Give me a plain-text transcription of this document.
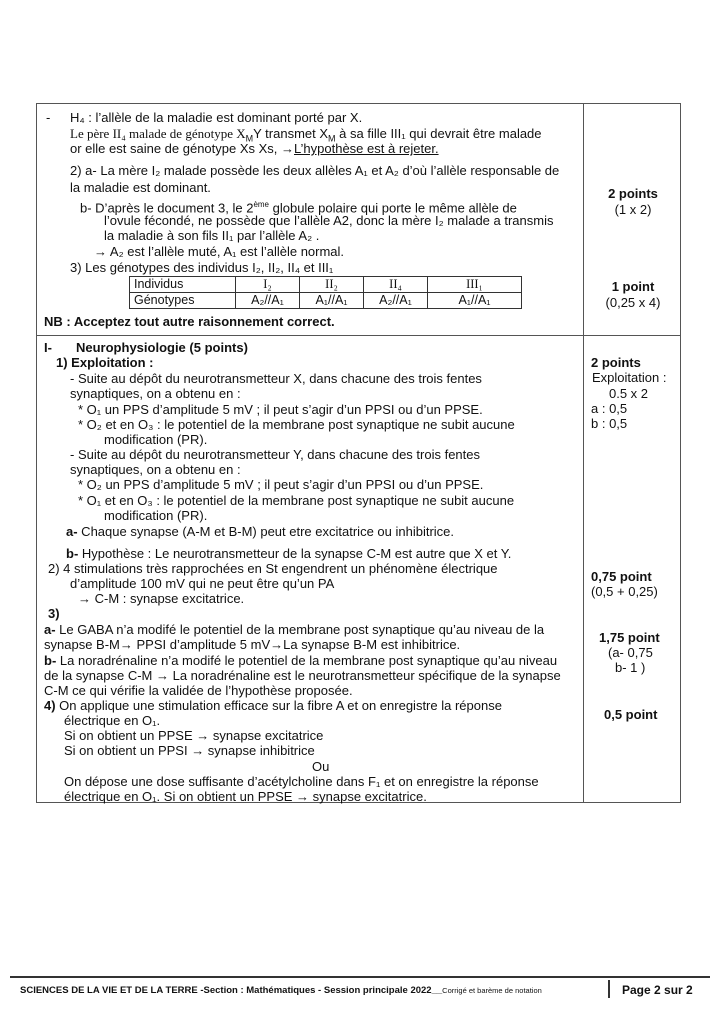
- H₄ : l’allèle de la maladie est dominant porté par X.
Le père II₄ malade de génotype $X_MY$ transmet $X_M$ à sa fille III₁ qui devrait être malade
or elle est saine de génotype Xs Xs, →L’hypothèse est à rejeter.
2) a- La mère I₂ malade possède les deux allèles A₁ et A₂ d’où l’allèle responsable de
la maladie est dominant.
b- D’après le document 3, le 2ème globule polaire qui porte le même allèle de
l’ovule fécondé, ne possède que l’allèle A2, donc la mère I₂ malade a transmis
la maladie à son fils II₁ par l’allèle A₂ .
→ A₂ est l’allèle muté, A₁ est l’allèle normal.
3) Les génotypes des individus I₂, II₂, II₄ et III₁
Individus	I₂	II₂	II₄	III₁
Génotypes	A₂//A₁	A₁//A₁	A₂//A₁	A₁//A₁
NB : Acceptez tout autre raisonnement correct.
2 points
(1 x 2)
1 point
(0,25 x 4)
I- Neurophysiologie (5 points)
1) Exploitation :
- Suite au dépôt du neurotransmetteur X, dans chacune des trois fentes
synaptiques, on a obtenu en :
* O₁ un PPS d’amplitude 5 mV ; il peut s’agir d’un PPSI ou d’un PPSE.
* O₂ et en O₃ : le potentiel de la membrane post synaptique ne subit aucune
modification (PR).
- Suite au dépôt du neurotransmetteur Y, dans chacune des trois fentes
synaptiques, on a obtenu en :
* O₂ un PPS d’amplitude 5 mV ; il peut s’agir d’un PPSI ou d’un PPSE.
* O₁ et en O₃ : le potentiel de la membrane post synaptique ne subit aucune
modification (PR).
a- Chaque synapse (A-M et B-M) peut etre excitatrice ou inhibitrice.
b- Hypothèse : Le neurotransmetteur de la synapse C-M est autre que X et Y.
2) 4 stimulations très rapprochées en St engendrent un phénomène électrique
d’amplitude 100 mV qui ne peut être qu’un PA
→ C-M : synapse excitatrice.
3)
a- Le GABA n’a modifé le potentiel de la membrane post synaptique qu’au niveau de la
synapse B-M→ PPSI d’amplitude 5 mV→La synapse B-M est inhibitrice.
b- La noradrénaline n’a modifé le potentiel de la membrane post synaptique qu’au niveau
de la synapse C-M → La noradrénaline est le neurotransmetteur spécifique de la synapse
C-M ce qui vérifie la validée de l’hypothèse proposée.
4) On applique une stimulation efficace sur la fibre A et on enregistre la réponse
électrique en O₁.
Si on obtient un PPSE → synapse excitatrice
Si on obtient un PPSI → synapse inhibitrice
Ou
On dépose une dose suffisante d’acétylcholine dans F₁ et on enregistre la réponse
électrique en O₁. Si on obtient un PPSE → synapse excitatrice.
2 points
Exploitation :
0.5 x 2
a : 0,5
b : 0,5
0,75 point
(0,5 + 0,25)
1,75 point
(a- 0,75
b- 1 )
0,5 point
SCIENCES DE LA VIE ET DE LA TERRE -Section : Mathématiques - Session principale 2022__Corrigé et barème de notation	Page 2 sur 2
